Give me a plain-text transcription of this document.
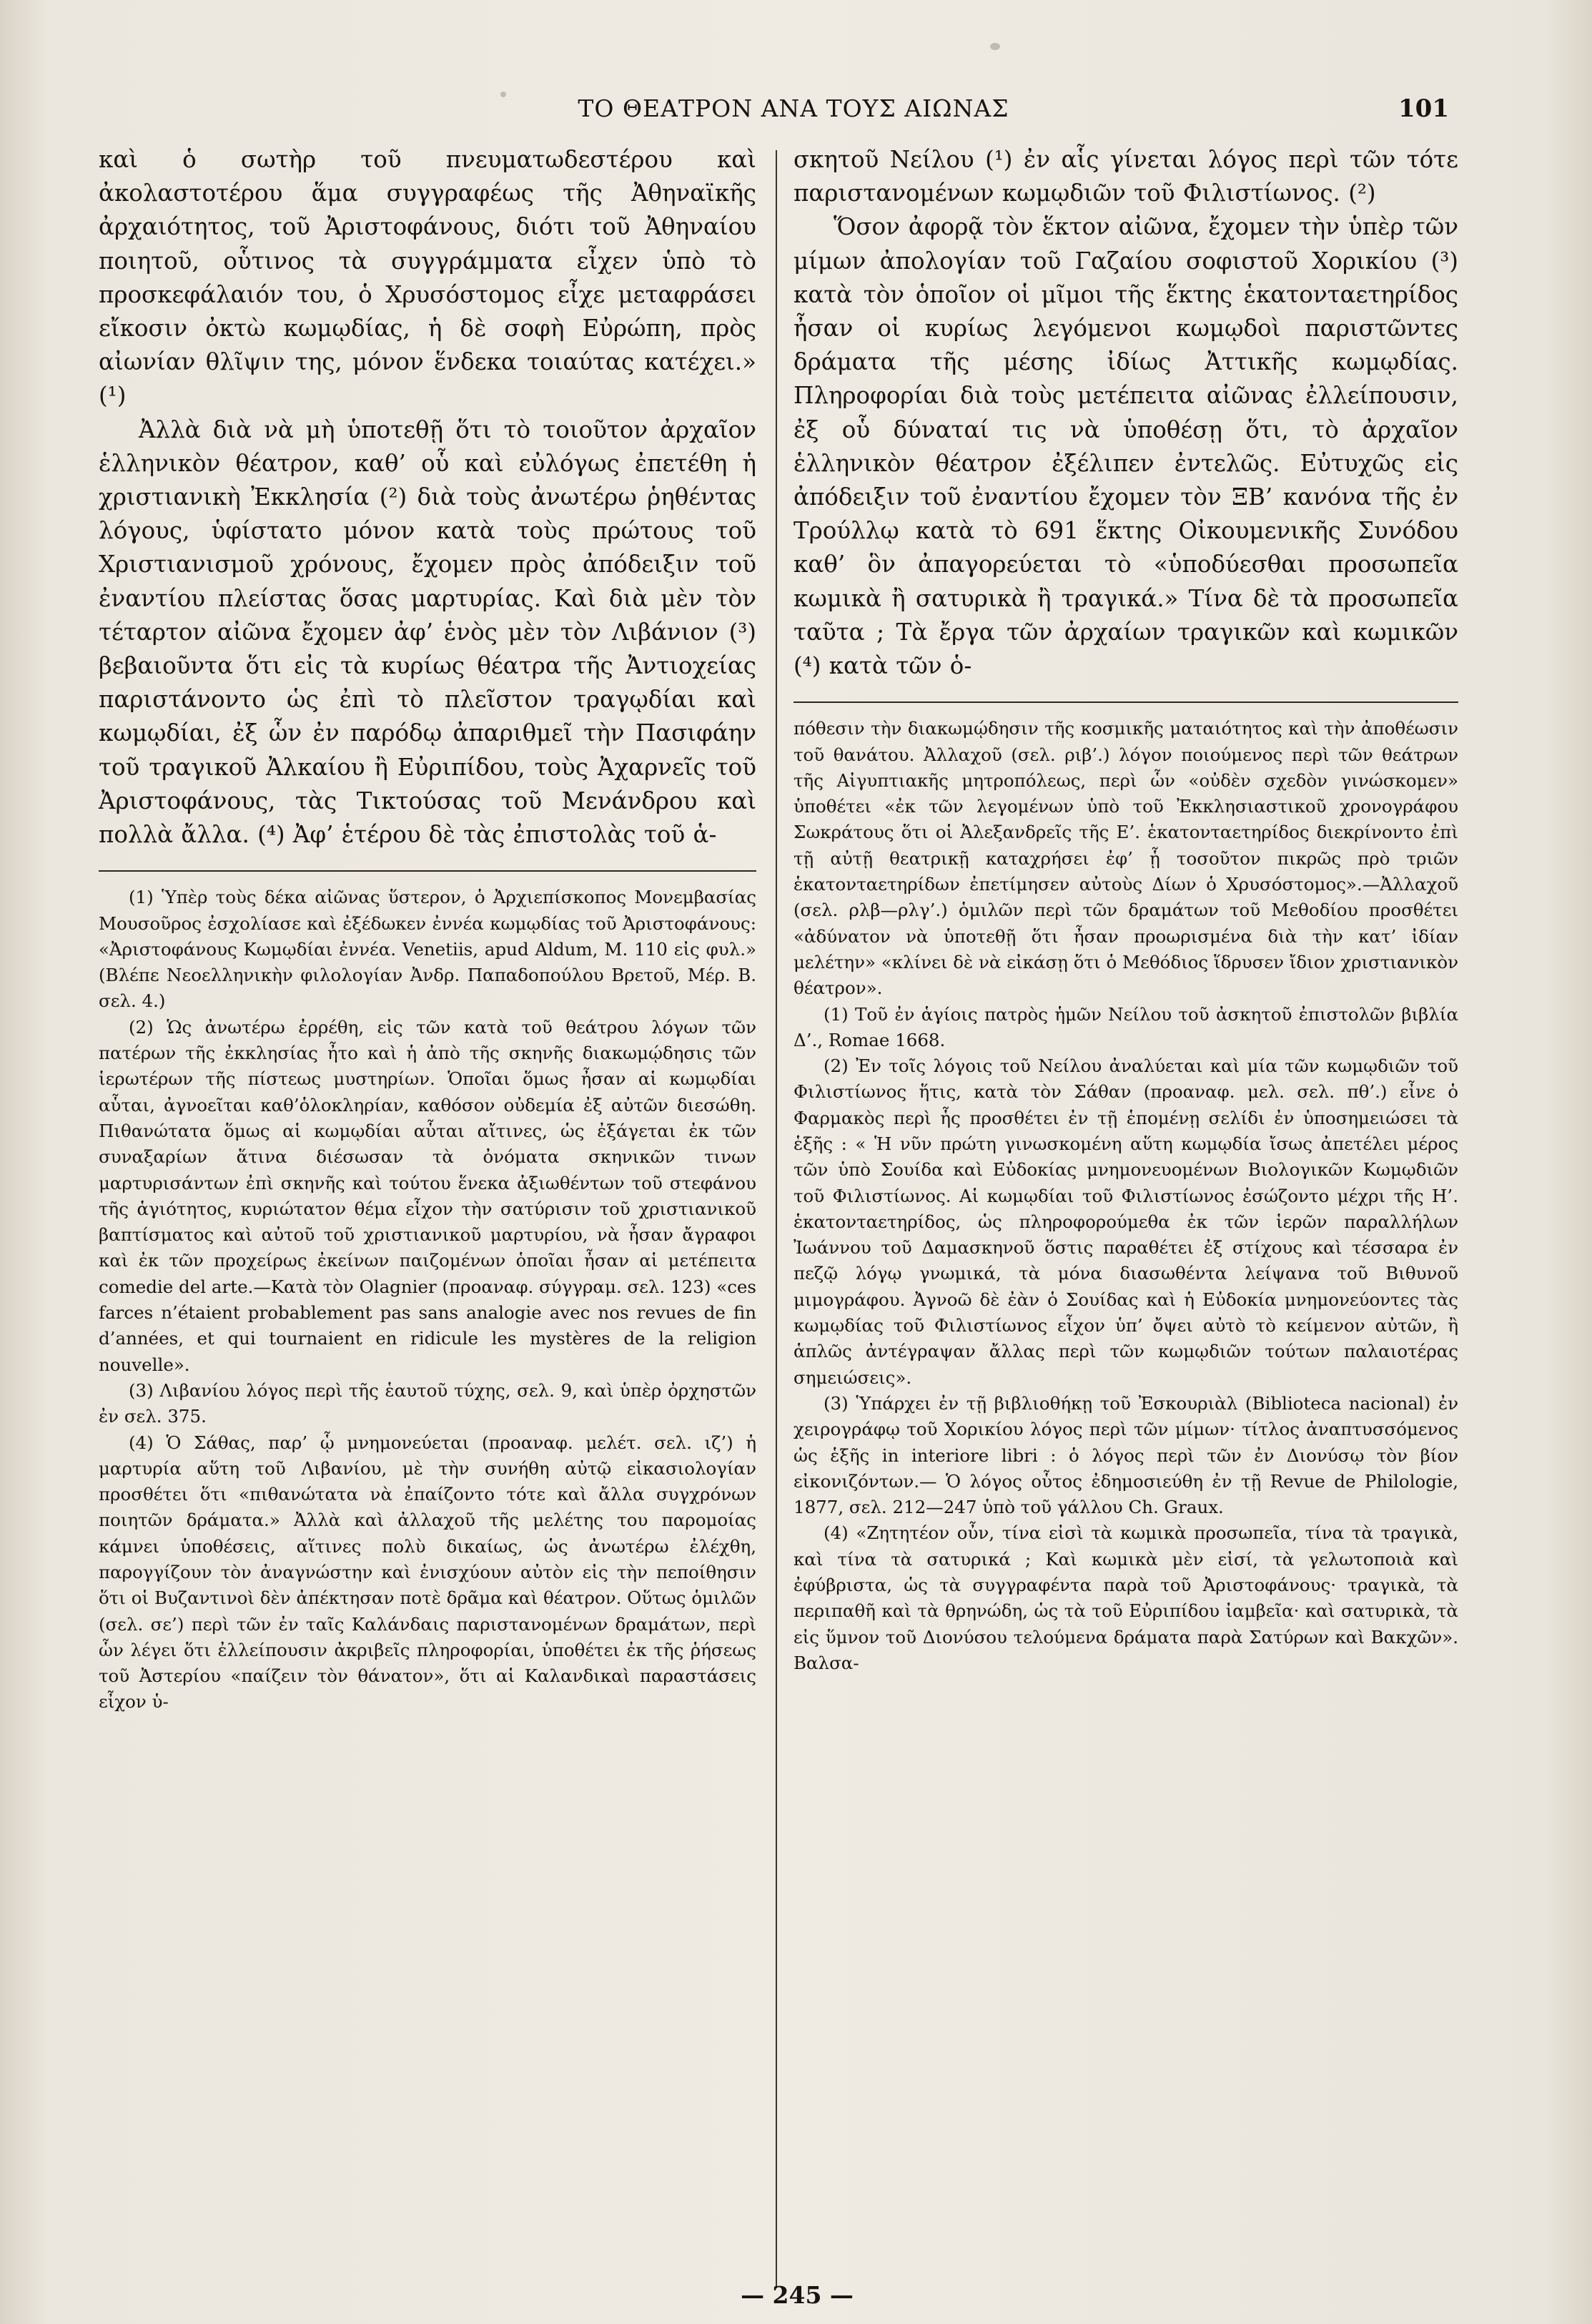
ΤΟ ΘΕΑΤΡΟΝ ΑΝΑ ΤΟΥΣ ΑΙΩΝΑΣ	101

καὶ ὁ σωτὴρ τοῦ πνευματωδεστέρου καὶ ἀκολαστοτέρου ἅμα συγγραφέως τῆς Ἀθηναϊκῆς ἀρχαιότητος, τοῦ Ἀριστοφάνους, διότι τοῦ Ἀθηναίου ποιητοῦ, οὗτινος τὰ συγγράμματα εἶχεν ὑπὸ τὸ προσκεφάλαιόν του, ὁ Χρυσόστομος εἶχε μεταφράσει εἴκοσιν ὀκτὼ κωμῳδίας, ἡ δὲ σοφὴ Εὐρώπη, πρὸς αἰωνίαν θλῖψιν της, μόνον ἕνδεκα τοιαύτας κατέχει.» (¹)

Ἀλλὰ διὰ νὰ μὴ ὑποτεθῇ ὅτι τὸ τοιοῦτον ἀρχαῖον ἑλληνικὸν θέατρον, καθ’ οὗ καὶ εὐλόγως ἐπετέθη ἡ χριστιανικὴ Ἐκκλησία (²) διὰ τοὺς ἀνωτέρω ῥηθέντας λόγους, ὑφίστατο μόνον κατὰ τοὺς πρώτους τοῦ Χριστιανισμοῦ χρόνους, ἔχομεν πρὸς ἀπόδειξιν τοῦ ἐναντίου πλείστας ὅσας μαρτυρίας. Καὶ διὰ μὲν τὸν τέταρτον αἰῶνα ἔχομεν ἀφ’ ἑνὸς μὲν τὸν Λιβάνιον (³) βεβαιοῦντα ὅτι εἰς τὰ κυρίως θέατρα τῆς Ἀντιοχείας παριστάνοντο ὡς ἐπὶ τὸ πλεῖστον τραγῳδίαι καὶ κωμῳδίαι, ἐξ ὧν ἐν παρόδῳ ἀπαριθμεῖ τὴν Πασιφάην τοῦ τραγικοῦ Ἀλκαίου ἢ Εὐριπίδου, τοὺς Ἀχαρνεῖς τοῦ Ἀριστοφάνους, τὰς Τικτούσας τοῦ Μενάνδρου καὶ πολλὰ ἄλλα. (⁴) Ἀφ’ ἑτέρου δὲ τὰς ἐπιστολὰς τοῦ ἁ-

(1) Ὑπὲρ τοὺς δέκα αἰῶνας ὕστερον, ὁ Ἀρχιεπίσκοπος Μονεμβασίας Μουσοῦρος ἐσχολίασε καὶ ἐξέδωκεν ἐννέα κωμῳδίας τοῦ Ἀριστοφάνους: «Ἀριστοφάνους Κωμῳδίαι ἐννέα. Venetiis, apud Aldum, M. 110 εἰς φυλ.» (Βλέπε Νεοελληνικὴν φιλολογίαν Ἀνδρ. Παπαδοπούλου Βρετοῦ, Μέρ. Β. σελ. 4.)

(2) Ὡς ἀνωτέρω ἐρρέθη, εἰς τῶν κατὰ τοῦ θεάτρου λόγων τῶν πατέρων τῆς ἐκκλησίας ἦτο καὶ ἡ ἀπὸ τῆς σκηνῆς διακωμῴδησις τῶν ἱερωτέρων τῆς πίστεως μυστηρίων. Ὁποῖαι ὅμως ἦσαν αἱ κωμῳδίαι αὗται, ἀγνοεῖται καθ’ὁλοκληρίαν, καθόσον οὐδεμία ἐξ αὐτῶν διεσώθη. Πιθανώτατα ὅμως αἱ κωμῳδίαι αὗται αἴτινες, ὡς ἐξάγεται ἐκ τῶν συναξαρίων ἅτινα διέσωσαν τὰ ὀνόματα σκηνικῶν τινων μαρτυρισάντων ἐπὶ σκηνῆς καὶ τούτου ἕνεκα ἀξιωθέντων τοῦ στεφάνου τῆς ἁγιότητος, κυριώτατον θέμα εἶχον τὴν σατύρισιν τοῦ χριστιανικοῦ βαπτίσματος καὶ αὐτοῦ τοῦ χριστιανικοῦ μαρτυρίου, νὰ ἦσαν ἄγραφοι καὶ ἐκ τῶν προχείρως ἐκείνων παιζομένων ὁποῖαι ἦσαν αἱ μετέπειτα comedie del arte.—Κατὰ τὸν Olagnier (προαναφ. σύγγραμ. σελ. 123) «ces farces n’étaient probablement pas sans analogie avec nos revues de fin d’années, et qui tournaient en ridicule les mystères de la religion nouvelle».

(3) Λιβανίου λόγος περὶ τῆς ἑαυτοῦ τύχης, σελ. 9, καὶ ὑπὲρ ὀρχηστῶν ἐν σελ. 375.

(4) Ὁ Σάθας, παρ’ ᾧ μνημονεύεται (προαναφ. μελέτ. σελ. ιζ’) ἡ μαρτυρία αὕτη τοῦ Λιβανίου, μὲ τὴν συνήθη αὐτῷ εἰκασιολογίαν προσθέτει ὅτι «πιθανώτατα νὰ ἐπαίζοντο τότε καὶ ἄλλα συγχρόνων ποιητῶν δράματα.» Ἀλλὰ καὶ ἀλλαχοῦ τῆς μελέτης του παρομοίας κάμνει ὑποθέσεις, αἵτινες πολὺ δικαίως, ὡς ἀνωτέρω ἐλέχθη, παρογγίζουν τὸν ἀναγνώστην καὶ ἐνισχύουν αὐτὸν εἰς τὴν πεποίθησιν ὅτι οἱ Βυζαντινοὶ δὲν ἀπέκτησαν ποτὲ δρᾶμα καὶ θέατρον. Οὕτως ὁμιλῶν (σελ. σε’) περὶ τῶν ἐν ταῖς Καλάνδαις παριστανομένων δραμάτων, περὶ ὧν λέγει ὅτι ἐλλείπουσιν ἀκριβεῖς πληροφορίαι, ὑποθέτει ἐκ τῆς ῥήσεως τοῦ Ἀστερίου «παίζειν τὸν θάνατον», ὅτι αἱ Καλανδικαὶ παραστάσεις εἶχον ὑ-

σκητοῦ Νείλου (¹) ἐν αἷς γίνεται λόγος περὶ τῶν τότε παριστανομένων κωμῳδιῶν τοῦ Φιλιστίωνος. (²)

Ὅσον ἀφορᾷ τὸν ἕκτον αἰῶνα, ἔχομεν τὴν ὑπὲρ τῶν μίμων ἀπολογίαν τοῦ Γαζαίου σοφιστοῦ Χορικίου (³) κατὰ τὸν ὁποῖον οἱ μῖμοι τῆς ἕκτης ἑκατονταετηρίδος ἦσαν οἱ κυρίως λεγόμενοι κωμῳδοὶ παριστῶντες δράματα τῆς μέσης ἰδίως Ἀττικῆς κωμῳδίας. Πληροφορίαι διὰ τοὺς μετέπειτα αἰῶνας ἐλλείπουσιν, ἐξ οὗ δύναταί τις νὰ ὑποθέσῃ ὅτι, τὸ ἀρχαῖον ἑλληνικὸν θέατρον ἐξέλιπεν ἐντελῶς. Εὐτυχῶς εἰς ἀπόδειξιν τοῦ ἐναντίου ἔχομεν τὸν ΞΒ’ κανόνα τῆς ἐν Τρούλλῳ κατὰ τὸ 691 ἕκτης Οἰκουμενικῆς Συνόδου καθ’ ὃν ἀπαγορεύεται τὸ «ὑποδύεσθαι προσωπεῖα κωμικὰ ἢ σατυρικὰ ἢ τραγικά.» Τίνα δὲ τὰ προσωπεῖα ταῦτα ; Τὰ ἔργα τῶν ἀρχαίων τραγικῶν καὶ κωμικῶν (⁴) κατὰ τῶν ὁ-

πόθεσιν τὴν διακωμῴδησιν τῆς κοσμικῆς ματαιότητος καὶ τὴν ἀποθέωσιν τοῦ θανάτου. Ἀλλαχοῦ (σελ. ριβ’.) λόγον ποιούμενος περὶ τῶν θεάτρων τῆς Αἰγυπτιακῆς μητροπόλεως, περὶ ὧν «οὐδὲν σχεδὸν γινώσκομεν» ὑποθέτει «ἐκ τῶν λεγομένων ὑπὸ τοῦ Ἐκκλησιαστικοῦ χρονογράφου Σωκράτους ὅτι οἱ Ἀλεξανδρεῖς τῆς Ε’. ἑκατονταετηρίδος διεκρίνοντο ἐπὶ τῇ αὐτῇ θεατρικῇ καταχρήσει ἐφ’ ᾗ τοσοῦτον πικρῶς πρὸ τριῶν ἑκατονταετηρίδων ἐπετίμησεν αὐτοὺς Δίων ὁ Χρυσόστομος».—Ἀλλαχοῦ (σελ. ρλβ—ρλγ’.) ὁμιλῶν περὶ τῶν δραμάτων τοῦ Μεθοδίου προσθέτει «ἀδύνατον νὰ ὑποτεθῇ ὅτι ἦσαν προωρισμένα διὰ τὴν κατ’ ἰδίαν μελέτην» «κλίνει δὲ νὰ εἰκάσῃ ὅτι ὁ Μεθόδιος ἵδρυσεν ἴδιον χριστιανικὸν θέατρον».

(1) Τοῦ ἐν ἁγίοις πατρὸς ἡμῶν Νείλου τοῦ ἀσκητοῦ ἐπιστολῶν βιβλία Δ’., Romae 1668.

(2) Ἐν τοῖς λόγοις τοῦ Νείλου ἀναλύεται καὶ μία τῶν κωμῳδιῶν τοῦ Φιλιστίωνος ἥτις, κατὰ τὸν Σάθαν (προαναφ. μελ. σελ. πθ’.) εἶνε ὁ Φαρμακὸς περὶ ἧς προσθέτει ἐν τῇ ἑπομένῃ σελίδι ἐν ὑποσημειώσει τὰ ἑξῆς : « Ἡ νῦν πρώτη γινωσκομένη αὕτη κωμῳδία ἴσως ἀπετέλει μέρος τῶν ὑπὸ Σουίδα καὶ Εὐδοκίας μνημονευομένων Βιολογικῶν Κωμῳδιῶν τοῦ Φιλιστίωνος. Αἱ κωμῳδίαι τοῦ Φιλιστίωνος ἐσώζοντο μέχρι τῆς Η’. ἑκατονταετηρίδος, ὡς πληροφορούμεθα ἐκ τῶν ἱερῶν παραλλήλων Ἰωάννου τοῦ Δαμασκηνοῦ ὅστις παραθέτει ἐξ στίχους καὶ τέσσαρα ἐν πεζῷ λόγῳ γνωμικά, τὰ μόνα διασωθέντα λείψανα τοῦ Βιθυνοῦ μιμογράφου. Ἀγνοῶ δὲ ἐὰν ὁ Σουίδας καὶ ἡ Εὐδοκία μνημονεύοντες τὰς κωμῳδίας τοῦ Φιλιστίωνος εἶχον ὑπ’ ὄψει αὐτὸ τὸ κείμενον αὐτῶν, ἢ ἁπλῶς ἀντέγραψαν ἄλλας περὶ τῶν κωμῳδιῶν τούτων παλαιοτέρας σημειώσεις».

(3) Ὑπάρχει ἐν τῇ βιβλιοθήκῃ τοῦ Ἐσκουριὰλ (Biblioteca nacional) ἐν χειρογράφῳ τοῦ Χορικίου λόγος περὶ τῶν μίμων· τίτλος ἀναπτυσσόμενος ὡς ἑξῆς in interiore libri : ὁ λόγος περὶ τῶν ἐν Διονύσῳ τὸν βίον εἰκονιζόντων.— Ὁ λόγος οὗτος ἐδημοσιεύθη ἐν τῇ Revue de Philologie, 1877, σελ. 212—247 ὑπὸ τοῦ γάλλου Ch. Graux.

(4) «Ζητητέον οὖν, τίνα εἰσὶ τὰ κωμικὰ προσωπεῖα, τίνα τὰ τραγικὰ, καὶ τίνα τὰ σατυρικά ; Καὶ κωμικὰ μὲν εἰσί, τὰ γελωτοποιὰ καὶ ἐφύβριστα, ὡς τὰ συγγραφέντα παρὰ τοῦ Ἀριστοφάνους· τραγικὰ, τὰ περιπαθῆ καὶ τὰ θρηνώδη, ὡς τὰ τοῦ Εὐριπίδου ἰαμβεῖα· καὶ σατυρικὰ, τὰ εἰς ὕμνον τοῦ Διονύσου τελούμενα δράματα παρὰ Σατύρων καὶ Βακχῶν». Βαλσα-

— 245 —
